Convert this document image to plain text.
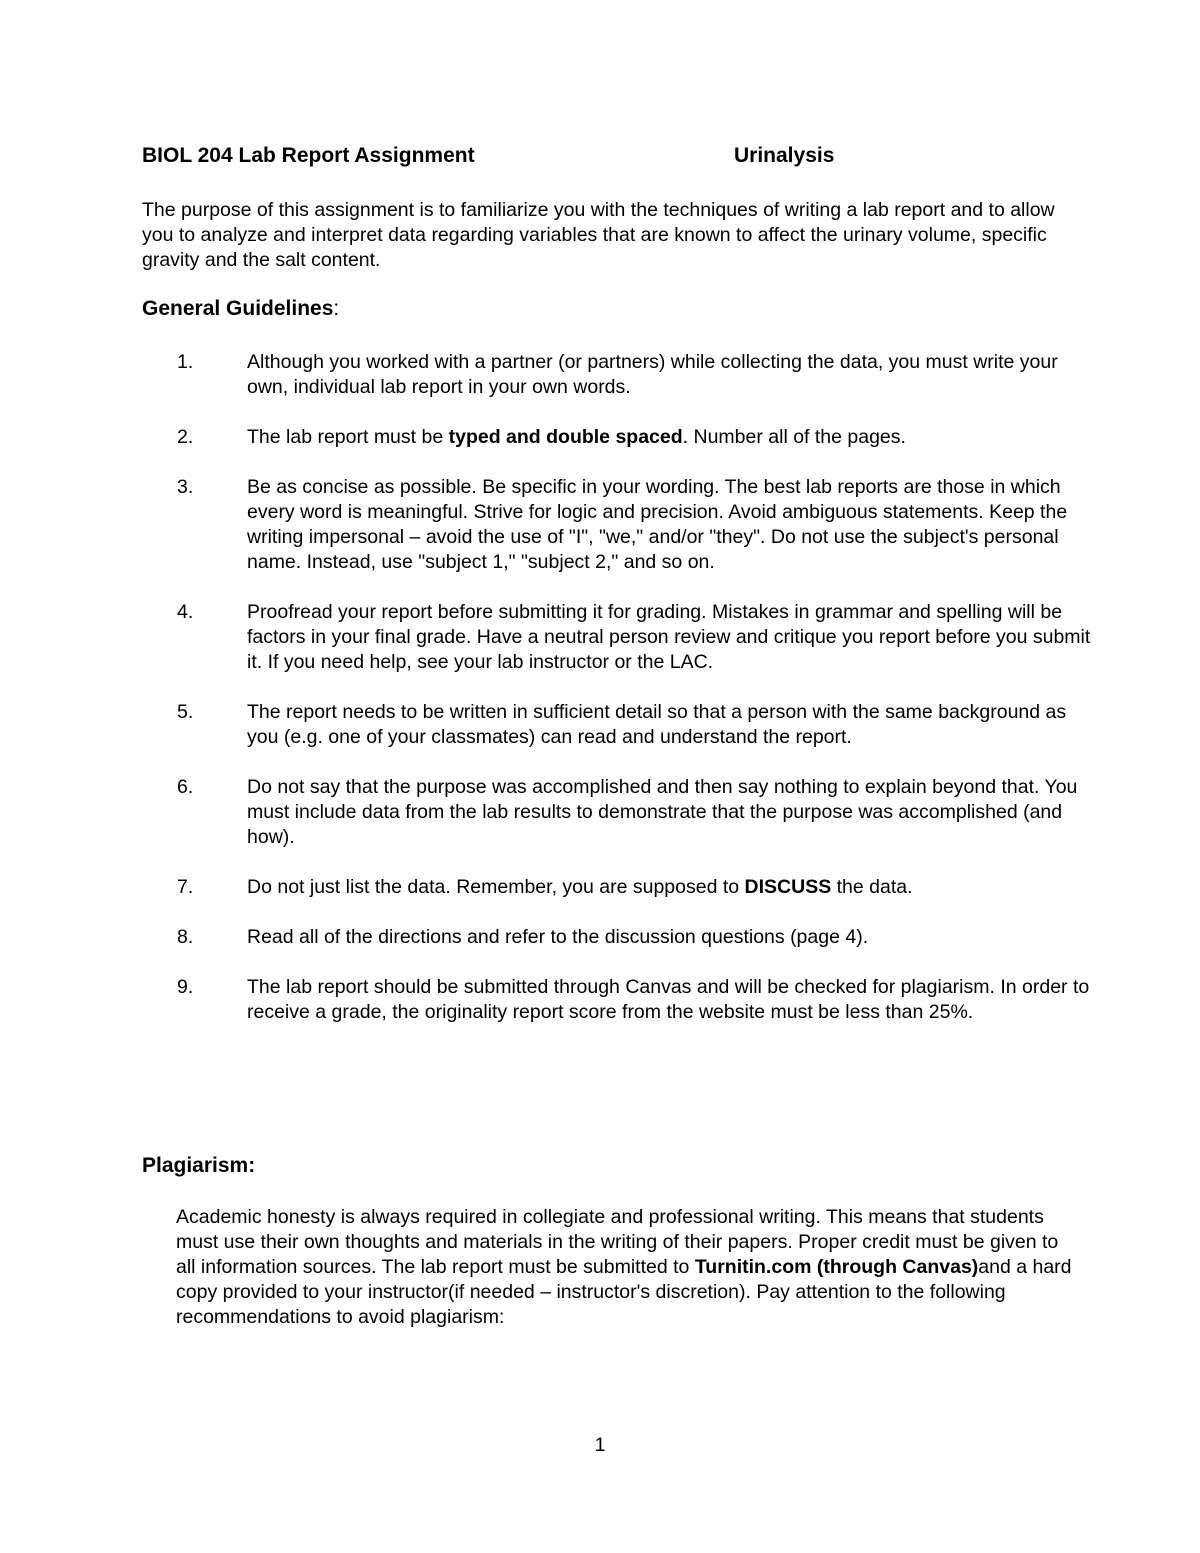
BIOL 204 Lab Report Assignment	Urinalysis

The purpose of this assignment is to familiarize you with the techniques of writing a lab report and to allow you to analyze and interpret data regarding variables that are known to affect the urinary volume, specific gravity and the salt content.

General Guidelines:
1.	Although you worked with a partner (or partners) while collecting the data, you must write your own, individual lab report in your own words.
2.	The lab report must be typed and double spaced. Number all of the pages.
3.	Be as concise as possible. Be specific in your wording. The best lab reports are those in which every word is meaningful. Strive for logic and precision. Avoid ambiguous statements. Keep the writing impersonal – avoid the use of "I", "we," and/or "they". Do not use the subject's personal name. Instead, use "subject 1," "subject 2," and so on.
4.	Proofread your report before submitting it for grading. Mistakes in grammar and spelling will be factors in your final grade. Have a neutral person review and critique you report before you submit it. If you need help, see your lab instructor or the LAC.
5.	The report needs to be written in sufficient detail so that a person with the same background as you (e.g. one of your classmates) can read and understand the report.
6.	Do not say that the purpose was accomplished and then say nothing to explain beyond that. You must include data from the lab results to demonstrate that the purpose was accomplished (and how).
7.	Do not just list the data. Remember, you are supposed to DISCUSS the data.
8.	Read all of the directions and refer to the discussion questions (page 4).
9.	The lab report should be submitted through Canvas and will be checked for plagiarism. In order to receive a grade, the originality report score from the website must be less than 25%.
Plagiarism:

Academic honesty is always required in collegiate and professional writing. This means that students must use their own thoughts and materials in the writing of their papers. Proper credit must be given to all information sources. The lab report must be submitted to Turnitin.com (through Canvas)and a hard copy provided to your instructor(if needed – instructor's discretion). Pay attention to the following recommendations to avoid plagiarism:

1
